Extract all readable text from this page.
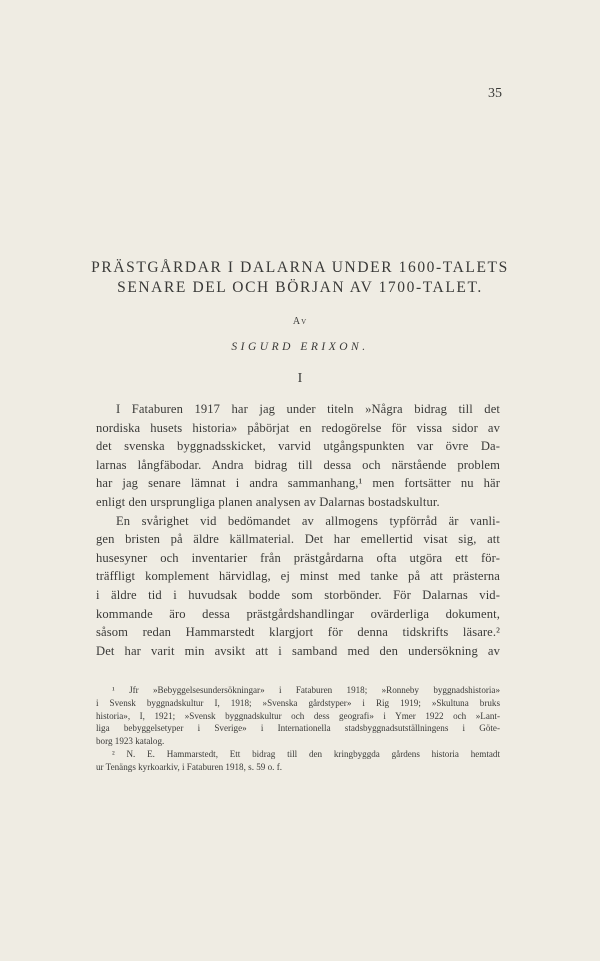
35
PRÄSTGÅRDAR I DALARNA UNDER 1600-TALETS
SENARE DEL OCH BÖRJAN AV 1700-TALET.
Av
SIGURD ERIXON.
I
I Fataburen 1917 har jag under titeln »Några bidrag till det
nordiska husets historia» påbörjat en redogörelse för vissa sidor av
det svenska byggnadsskicket, varvid utgångspunkten var övre Da-
larnas långfäbodar. Andra bidrag till dessa och närstående problem
har jag senare lämnat i andra sammanhang,¹ men fortsätter nu här
enligt den ursprungliga planen analysen av Dalarnas bostadskultur.
En svårighet vid bedömandet av allmogens typförråd är vanli-
gen bristen på äldre källmaterial. Det har emellertid visat sig, att
husesyner och inventarier från prästgårdarna ofta utgöra ett för-
träffligt komplement härvidlag, ej minst med tanke på att prästerna
i äldre tid i huvudsak bodde som storbönder. För Dalarnas vid-
kommande äro dessa prästgårdshandlingar ovärderliga dokument,
såsom redan Hammarstedt klargjort för denna tidskrifts läsare.²
Det har varit min avsikt att i samband med den undersökning av
¹ Jfr »Bebyggelsesundersökningar» i Fataburen 1918; »Ronneby byggnadshistoria»
i Svensk byggnadskultur I, 1918; »Svenska gårdstyper» i Rig 1919; »Skultuna bruks
historia», I, 1921; »Svensk byggnadskultur och dess geografi» i Ymer 1922 och »Lant-
liga bebyggelsetyper i Sverige» i Internationella stadsbyggnadsutställningens i Göte-
borg 1923 katalog.
² N. E. Hammarstedt, Ett bidrag till den kringbyggda gårdens historia hemtadt
ur Tenängs kyrkoarkiv, i Fataburen 1918, s. 59 o. f.
